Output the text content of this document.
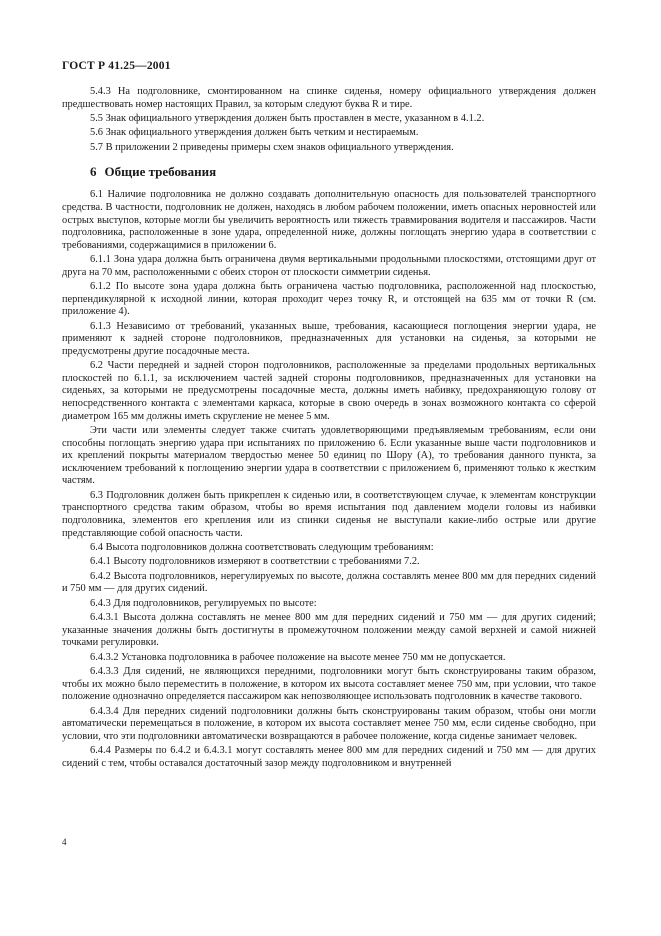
ГОСТ Р 41.25—2001

5.4.3 На подголовнике, смонтированном на спинке сиденья, номеру официального утверждения должен предшествовать номер настоящих Правил, за которым следуют буква R и тире.

5.5 Знак официального утверждения должен быть проставлен в месте, указанном в 4.1.2.

5.6 Знак официального утверждения должен быть четким и нестираемым.

5.7 В приложении 2 приведены примеры схем знаков официального утверждения.

6 Общие требования

6.1 Наличие подголовника не должно создавать дополнительную опасность для пользователей транспортного средства. В частности, подголовник не должен, находясь в любом рабочем положении, иметь опасных неровностей или острых выступов, которые могли бы увеличить вероятность или тяжесть травмирования водителя и пассажиров. Части подголовника, расположенные в зоне удара, определенной ниже, должны поглощать энергию удара в соответствии с требованиями, содержащимися в приложении 6.

6.1.1 Зона удара должна быть ограничена двумя вертикальными продольными плоскостями, отстоящими друг от друга на 70 мм, расположенными с обеих сторон от плоскости симметрии сиденья.

6.1.2 По высоте зона удара должна быть ограничена частью подголовника, расположенной над плоскостью, перпендикулярной к исходной линии, которая проходит через точку R, и отстоящей на 635 мм от точки R (см. приложение 4).

6.1.3 Независимо от требований, указанных выше, требования, касающиеся поглощения энергии удара, не применяют к задней стороне подголовников, предназначенных для установки на сиденья, за которыми не предусмотрены другие посадочные места.

6.2 Части передней и задней сторон подголовников, расположенные за пределами продольных вертикальных плоскостей по 6.1.1, за исключением частей задней стороны подголовников, предназначенных для установки на сиденьях, за которыми не предусмотрены посадочные места, должны иметь набивку, предохраняющую голову от непосредственного контакта с элементами каркаса, которые в свою очередь в зонах возможного контакта со сферой диаметром 165 мм должны иметь скругление не менее 5 мм.

Эти части или элементы следует также считать удовлетворяющими предъявляемым требованиям, если они способны поглощать энергию удара при испытаниях по приложению 6. Если указанные выше части подголовников и их креплений покрыты материалом твердостью менее 50 единиц по Шору (А), то требования данного пункта, за исключением требований к поглощению энергии удара в соответствии с приложением 6, применяют только к жестким частям.

6.3 Подголовник должен быть прикреплен к сиденью или, в соответствующем случае, к элементам конструкции транспортного средства таким образом, чтобы во время испытания под давлением модели головы из набивки подголовника, элементов его крепления или из спинки сиденья не выступали какие-либо острые или другие представляющие собой опасность части.

6.4 Высота подголовников должна соответствовать следующим требованиям:

6.4.1 Высоту подголовников измеряют в соответствии с требованиями 7.2.

6.4.2 Высота подголовников, нерегулируемых по высоте, должна составлять менее 800 мм для передних сидений и 750 мм — для других сидений.

6.4.3 Для подголовников, регулируемых по высоте:

6.4.3.1 Высота должна составлять не менее 800 мм для передних сидений и 750 мм — для других сидений; указанные значения должны быть достигнуты в промежуточном положении между самой верхней и самой нижней точками регулировки.

6.4.3.2 Установка подголовника в рабочее положение на высоте менее 750 мм не допускается.

6.4.3.3 Для сидений, не являющихся передними, подголовники могут быть сконструированы таким образом, чтобы их можно было переместить в положение, в котором их высота составляет менее 750 мм, при условии, что такое положение однозначно определяется пассажиром как непозволяющее использовать подголовник в качестве такового.

6.4.3.4 Для передних сидений подголовники должны быть сконструированы таким образом, чтобы они могли автоматически перемещаться в положение, в котором их высота составляет менее 750 мм, если сиденье свободно, при условии, что эти подголовники автоматически возвращаются в рабочее положение, когда сиденье занимает человек.

6.4.4 Размеры по 6.4.2 и 6.4.3.1 могут составлять менее 800 мм для передних сидений и 750 мм — для других сидений с тем, чтобы оставался достаточный зазор между подголовником и внутренней

4
